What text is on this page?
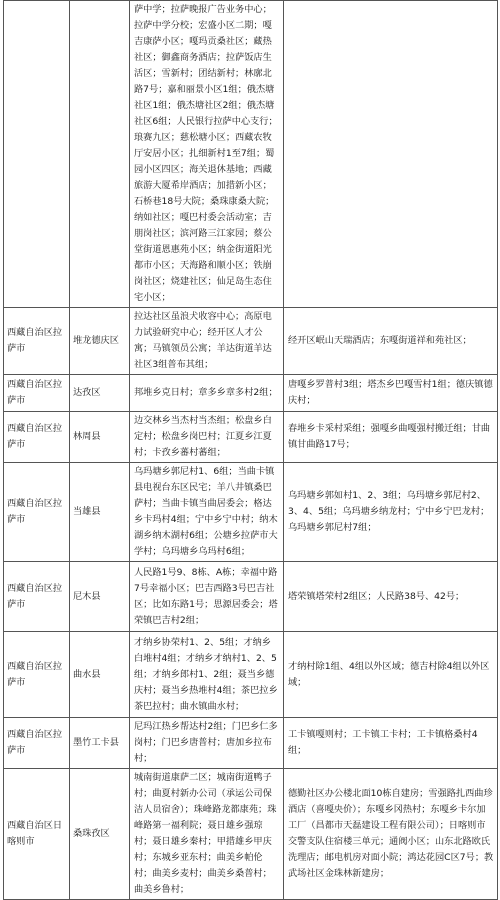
		萨中学；拉萨晚报广告业务中心；拉萨中学分校；宏盛小区二期；嘎吉康萨小区；嘎玛贡桑社区；藏热社区；御鑫商务酒店；拉萨饭店生活区；雪新村；团结新村；林廓北路7号；嘉和丽景小区1组；俄杰塘社区1组；俄杰塘社区2组；俄杰塘社区6组；人民银行拉萨中心支行；琅赛九区；慈松塘小区；西藏农牧厅安居小区；扎细新村1至7组；蜀园小区四区；海关退休基地；西藏旅游大厦希岸酒店；加措新小区；石桥巷18号大院；桑珠康桑大院；纳如社区；嘎巴村委会活动室；吉朋岗社区；滨河路三江家园；蔡公堂街道恩惠苑小区；纳金街道阳光都市小区；天海路和顺小区；铁崩岗社区；烧建社区；仙足岛生态住宅小区；	
西藏自治区拉萨市	堆龙德庆区	拉达社区虽浪犬收容中心；高原电力试验研究中心；经开区人才公寓；马镇领员公寓；羊达街道羊达社区3组普布其组；	经开区岷山天瑞酒店；东嘎街道祥和苑社区；
西藏自治区拉萨市	达孜区	邦堆乡克日村；章多乡章多村2组；	唐嘎乡罗普村3组；塔杰乡巴嘎雪村1组；德庆镇德庆村；
西藏自治区拉萨市	林周县	边交林乡当杰村当杰组；松盘乡白定村；松盘乡岗巴村；江夏乡江夏村；卡孜乡蕃村蕃组；	春堆乡卡采村采组；强嘎乡曲嘎强村搬迁组；甘曲镇甘曲路17号；
西藏自治区拉萨市	当雄县	乌玛塘乡郭尼村1、6组；当曲卡镇县电视台东区民宅；羊八井镇桑巴萨村；当曲卡镇当曲居委会；格达乡卡玛村4组；宁中乡宁中村；纳木湖乡纳木湖村6组；公塘乡拉萨市大学村；乌玛塘乡乌玛村6组；	乌玛塘乡郭如村1、2、3组；乌玛塘乡郭尼村2、3、4、5组；乌玛塘乡纳龙村；宁中乡宁巴龙村；乌玛塘乡郭尼村7组；
西藏自治区拉萨市	尼木县	人民路1号9、8栋、A栋；幸福中路7号幸福小区；巴吉西路3号巴吉社区；比如东路1号；思源居委会；塔荣镇巴吉村2组；	塔荣镇塔荣村2组区；人民路38号、42号；
西藏自治区拉萨市	曲水县	才纳乡协荣村1、2、5组；才纳乡白堆村4组；才纳乡才纳村1、2、5组；才纳乡郎村1、2组；聂当乡德庆村；聂当乡热堆村4组；茶巴拉乡茶巴拉村；曲水镇曲水村；	才纳村除1组、4组以外区域；德吉村除4组以外区域；
西藏自治区拉萨市	墨竹工卡县	尼玛江热乡帮达村2组；门巴乡仁多岗村；门巴乡唐普村；唐加乡拉布村；	工卡镇嘎则村；工卡镇工卡村；工卡镇格桑村4组；
西藏自治区日喀则市	桑珠孜区	城南街道康萨二区；城南街道鸭子村；曲夏村新办公司（承运公司保洁人员宿舍）；珠峰路龙都康苑；珠峰路第一福利院；聂日雄乡强琼村；聂日雄乡秦村；甲措雄乡甲庆村；东城乡亚东村；曲美乡帕伦村；曲美乡麦村；曲美乡桑普村；曲美乡鲁村；	德勤社区办公楼北面10栋自建房；雪强路扎西曲珍酒店（喜嘎央价）；东嘎乡冈热村；东嘎乡卡尔加工厂（昌都市天磊建设工程有限公司）；日喀则市交警支队住宿楼三单元；通阀小区；山东北路欧氏洗理店；邮电机房对面小院；鸿达花园C区7号；教武场社区金珠林新建房；
